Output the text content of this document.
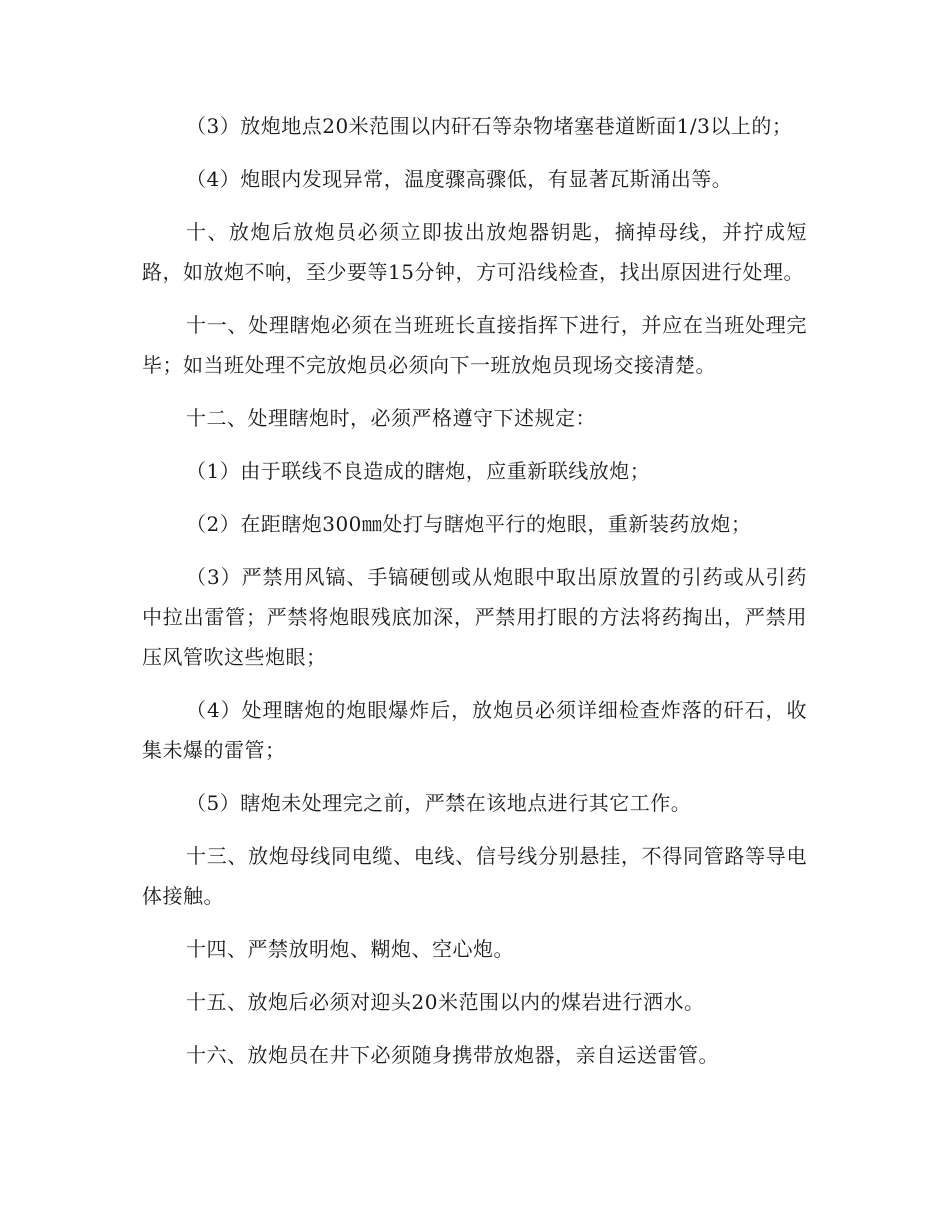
（3）放炮地点20米范围以内矸石等杂物堵塞巷道断面1/3以上的；

（4）炮眼内发现异常，温度骤高骤低，有显著瓦斯涌出等。

十、放炮后放炮员必须立即拔出放炮器钥匙，摘掉母线，并拧成短路，如放炮不响，至少要等15分钟，方可沿线检查，找出原因进行处理。

十一、处理瞎炮必须在当班班长直接指挥下进行，并应在当班处理完毕；如当班处理不完放炮员必须向下一班放炮员现场交接清楚。

十二、处理瞎炮时，必须严格遵守下述规定：

（1）由于联线不良造成的瞎炮，应重新联线放炮；

（2）在距瞎炮300㎜处打与瞎炮平行的炮眼，重新装药放炮；

（3）严禁用风镐、手镐硬刨或从炮眼中取出原放置的引药或从引药中拉出雷管；严禁将炮眼残底加深，严禁用打眼的方法将药掏出，严禁用压风管吹这些炮眼；

（4）处理瞎炮的炮眼爆炸后，放炮员必须详细检查炸落的矸石，收集未爆的雷管；

（5）瞎炮未处理完之前，严禁在该地点进行其它工作。

十三、放炮母线同电缆、电线、信号线分别悬挂，不得同管路等导电体接触。

十四、严禁放明炮、糊炮、空心炮。

十五、放炮后必须对迎头20米范围以内的煤岩进行洒水。

十六、放炮员在井下必须随身携带放炮器，亲自运送雷管。
